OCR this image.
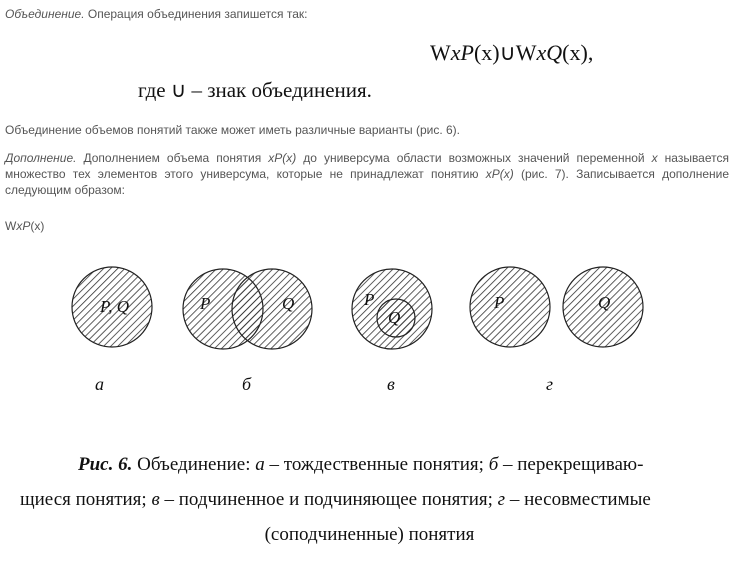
Объединение. Операция объединения запишется так:
WxP(x)∪WxQ(x),
где ∪ – знак объединения.
Объединение объемов понятий также может иметь различные варианты (рис. 6).
Дополнение. Дополнением объема понятия xP(x) до универсума области возможных значений переменной x называется множество тех элементов этого универсума, которые не принадлежат понятию xP(x) (рис. 7). Записывается дополнение следующим образом:
WxP(x)
P, Q	P	Q	P
Q
P	Q
а	б	в	г
Рис. 6. Объединение: а – тождественные понятия; б – перекрещиваю-
щиеся понятия; в – подчиненное и подчиняющее понятия; г – несовместимые
(соподчиненные) понятия
